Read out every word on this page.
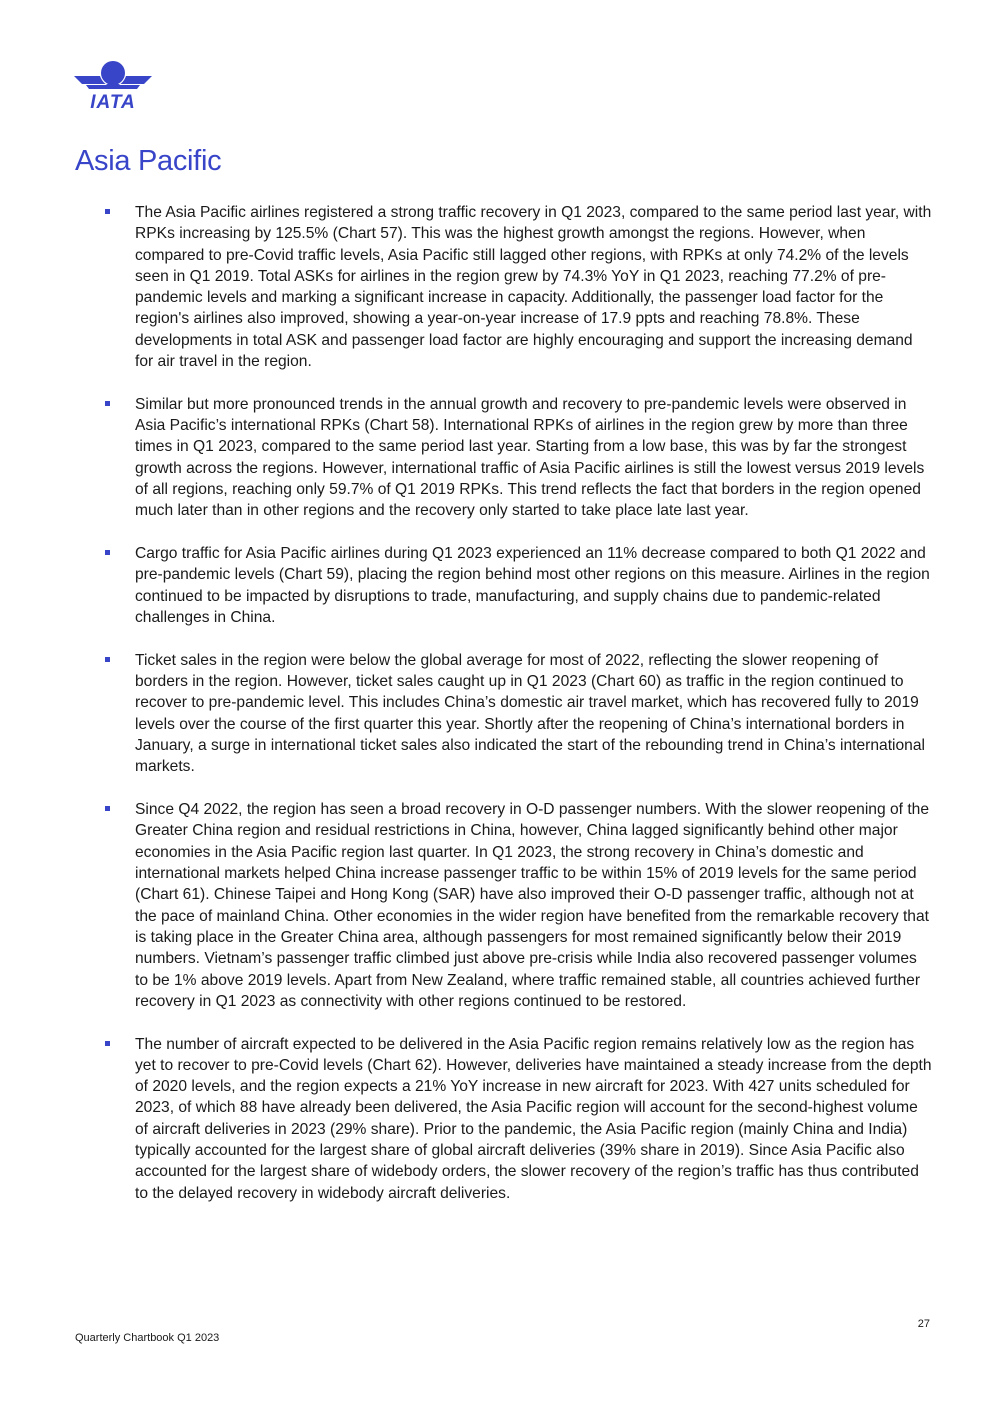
IATA
Asia Pacific
The Asia Pacific airlines registered a strong traffic recovery in Q1 2023, compared to the same period last year, with RPKs increasing by 125.5% (Chart 57). This was the highest growth amongst the regions. However, when compared to pre-Covid traffic levels, Asia Pacific still lagged other regions, with RPKs at only 74.2% of the levels seen in Q1 2019. Total ASKs for airlines in the region grew by 74.3% YoY in Q1 2023, reaching 77.2% of pre-pandemic levels and marking a significant increase in capacity. Additionally, the passenger load factor for the region's airlines also improved, showing a year-on-year increase of 17.9 ppts and reaching 78.8%. These developments in total ASK and passenger load factor are highly encouraging and support the increasing demand for air travel in the region.
Similar but more pronounced trends in the annual growth and recovery to pre-pandemic levels were observed in Asia Pacific’s international RPKs (Chart 58). International RPKs of airlines in the region grew by more than three times in Q1 2023, compared to the same period last year. Starting from a low base, this was by far the strongest growth across the regions. However, international traffic of Asia Pacific airlines is still the lowest versus 2019 levels of all regions, reaching only 59.7% of Q1 2019 RPKs. This trend reflects the fact that borders in the region opened much later than in other regions and the recovery only started to take place late last year.
Cargo traffic for Asia Pacific airlines during Q1 2023 experienced an 11% decrease compared to both Q1 2022 and pre-pandemic levels (Chart 59), placing the region behind most other regions on this measure. Airlines in the region continued to be impacted by disruptions to trade, manufacturing, and supply chains due to pandemic-related challenges in China.
Ticket sales in the region were below the global average for most of 2022, reflecting the slower reopening of borders in the region. However, ticket sales caught up in Q1 2023 (Chart 60) as traffic in the region continued to recover to pre-pandemic level. This includes China’s domestic air travel market, which has recovered fully to 2019 levels over the course of the first quarter this year. Shortly after the reopening of China’s international borders in January, a surge in international ticket sales also indicated the start of the rebounding trend in China’s international markets.
Since Q4 2022, the region has seen a broad recovery in O-D passenger numbers. With the slower reopening of the Greater China region and residual restrictions in China, however, China lagged significantly behind other major economies in the Asia Pacific region last quarter. In Q1 2023, the strong recovery in China’s domestic and international markets helped China increase passenger traffic to be within 15% of 2019 levels for the same period (Chart 61). Chinese Taipei and Hong Kong (SAR) have also improved their O-D passenger traffic, although not at the pace of mainland China. Other economies in the wider region have benefited from the remarkable recovery that is taking place in the Greater China area, although passengers for most remained significantly below their 2019 numbers. Vietnam’s passenger traffic climbed just above pre-crisis while India also recovered passenger volumes to be 1% above 2019 levels. Apart from New Zealand, where traffic remained stable, all countries achieved further recovery in Q1 2023 as connectivity with other regions continued to be restored.
The number of aircraft expected to be delivered in the Asia Pacific region remains relatively low as the region has yet to recover to pre-Covid levels (Chart 62). However, deliveries have maintained a steady increase from the depth of 2020 levels, and the region expects a 21% YoY increase in new aircraft for 2023. With 427 units scheduled for 2023, of which 88 have already been delivered, the Asia Pacific region will account for the second-highest volume of aircraft deliveries in 2023 (29% share). Prior to the pandemic, the Asia Pacific region (mainly China and India) typically accounted for the largest share of global aircraft deliveries (39% share in 2019). Since Asia Pacific also accounted for the largest share of widebody orders, the slower recovery of the region’s traffic has thus contributed to the delayed recovery in widebody aircraft deliveries.
27
Quarterly Chartbook Q1 2023
